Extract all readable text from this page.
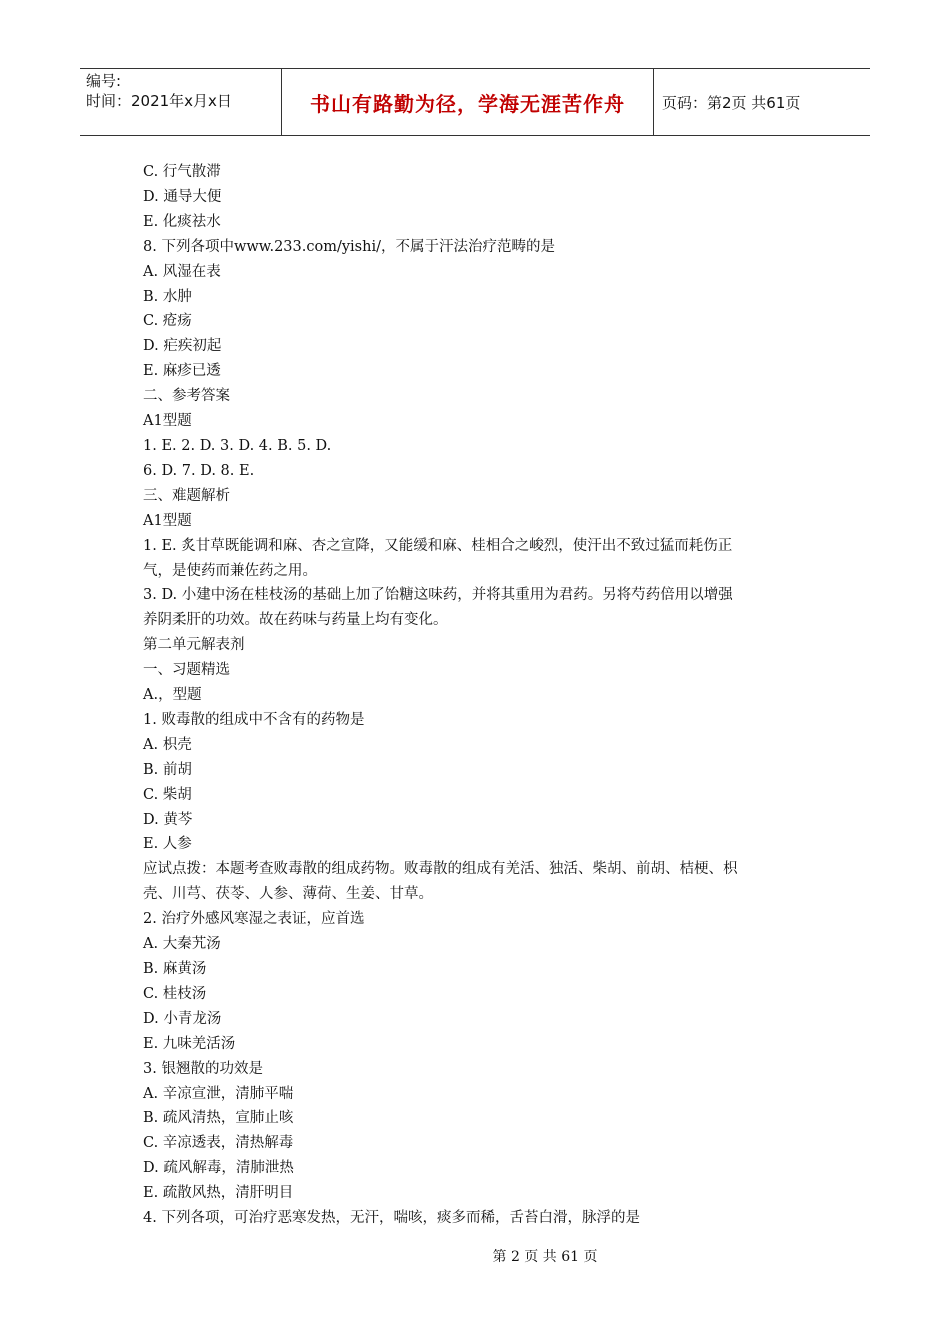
编号:
时间：2021年x月x日	书山有路勤为径，学海无涯苦作舟	页码：第2页 共61页
C. 行气散滞
D. 通导大便
E. 化痰祛水
8. 下列各项中www.233.com/yishi/，不属于汗法治疗范畴的是
A. 风湿在表
B. 水肿
C. 疮疡
D. 疟疾初起
E. 麻疹已透
二、参考答案
A1型题
1. E. 2. D. 3. D. 4. B. 5. D.
6. D. 7. D. 8. E.
三、难题解析
A1型题
1. E. 炙甘草既能调和麻、杏之宣降，又能缓和麻、桂相合之峻烈，使汗出不致过猛而耗伤正
气，是使药而兼佐药之用。
3. D. 小建中汤在桂枝汤的基础上加了饴糖这味药，并将其重用为君药。另将芍药倍用以增强
养阴柔肝的功效。故在药味与药量上均有变化。
第二单元解表剂
一、习题精选
A.，型题
1. 败毒散的组成中不含有的药物是
A. 枳壳
B. 前胡
C. 柴胡
D. 黄芩
E. 人参
应试点拨：本题考查败毒散的组成药物。败毒散的组成有羌活、独活、柴胡、前胡、桔梗、枳
壳、川芎、茯苓、人参、薄荷、生姜、甘草。
2. 治疗外感风寒湿之表证，应首选
A. 大秦艽汤
B. 麻黄汤
C. 桂枝汤
D. 小青龙汤
E. 九味羌活汤
3. 银翘散的功效是
A. 辛凉宣泄，清肺平喘
B. 疏风清热，宣肺止咳
C. 辛凉透表，清热解毒
D. 疏风解毒，清肺泄热
E. 疏散风热，清肝明目
4. 下列各项，可治疗恶寒发热，无汗，喘咳，痰多而稀，舌苔白滑，脉浮的是
第 2 页 共 61 页
